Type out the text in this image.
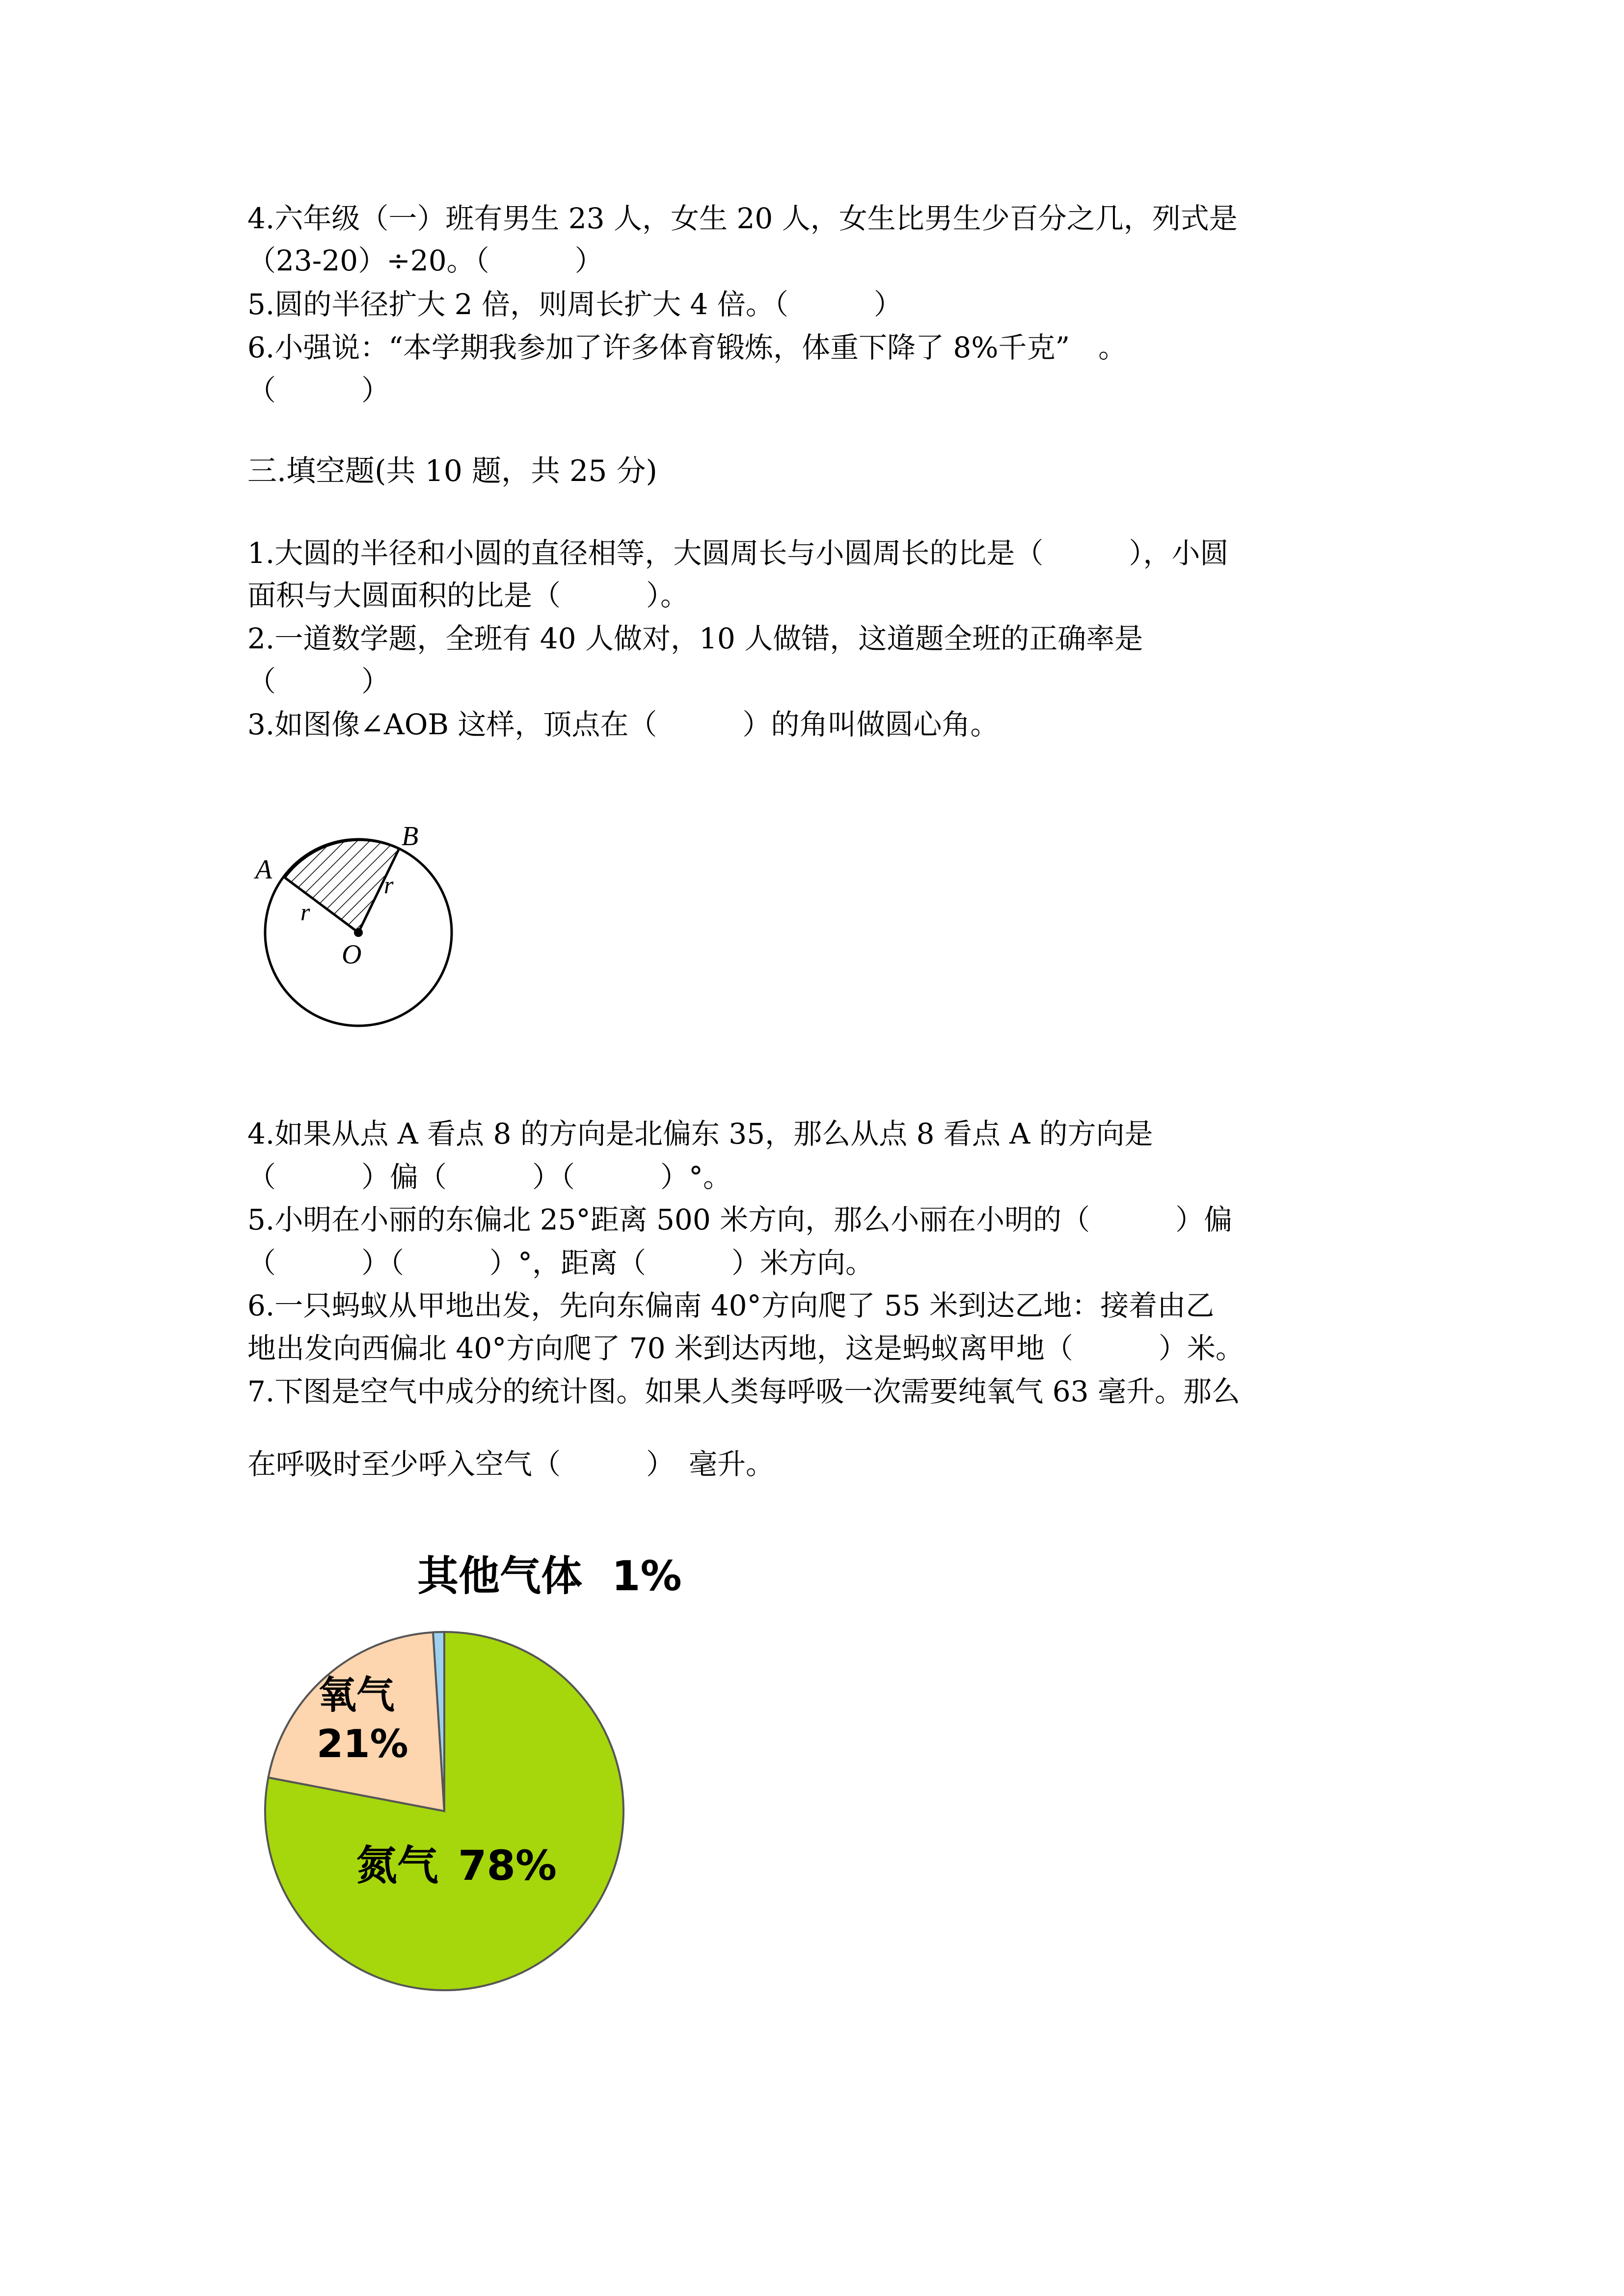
4.六年级（一）班有男生 23 人，女生 20 人，女生比男生少百分之几，列式是
（23-20）÷20。（　　　）
5.圆的半径扩大 2 倍，则周长扩大 4 倍。（　　　）
6.小强说：“本学期我参加了许多体育锻炼，体重下降了 8%千克”　。
（　　　）
三.填空题(共 10 题，共 25 分)
1.大圆的半径和小圆的直径相等，大圆周长与小圆周长的比是（　　　），小圆
面积与大圆面积的比是（　　　）。
2.一道数学题，全班有 40 人做对，10 人做错，这道题全班的正确率是
（　　　）
3.如图像∠AOB 这样，顶点在（　　　）的角叫做圆心角。
A
B
O
r
r
4.如果从点 A 看点 8 的方向是北偏东 35，那么从点 8 看点 A 的方向是
（　　　）偏（　　　）（　　　）°。
5.小明在小丽的东偏北 25°距离 500 米方向，那么小丽在小明的（　　　）偏
（　　　）（　　　）°，距离（　　　）米方向。
6.一只蚂蚁从甲地出发，先向东偏南 40°方向爬了 55 米到达乙地：接着由乙
地出发向西偏北 40°方向爬了 70 米到达丙地，这是蚂蚁离甲地（　　　）米。
7.下图是空气中成分的统计图。如果人类每呼吸一次需要纯氧气 63 毫升。那么
在呼吸时至少呼入空气（　　　）　毫升。
其他气体 1%
氧气
21%
氮气 78%
